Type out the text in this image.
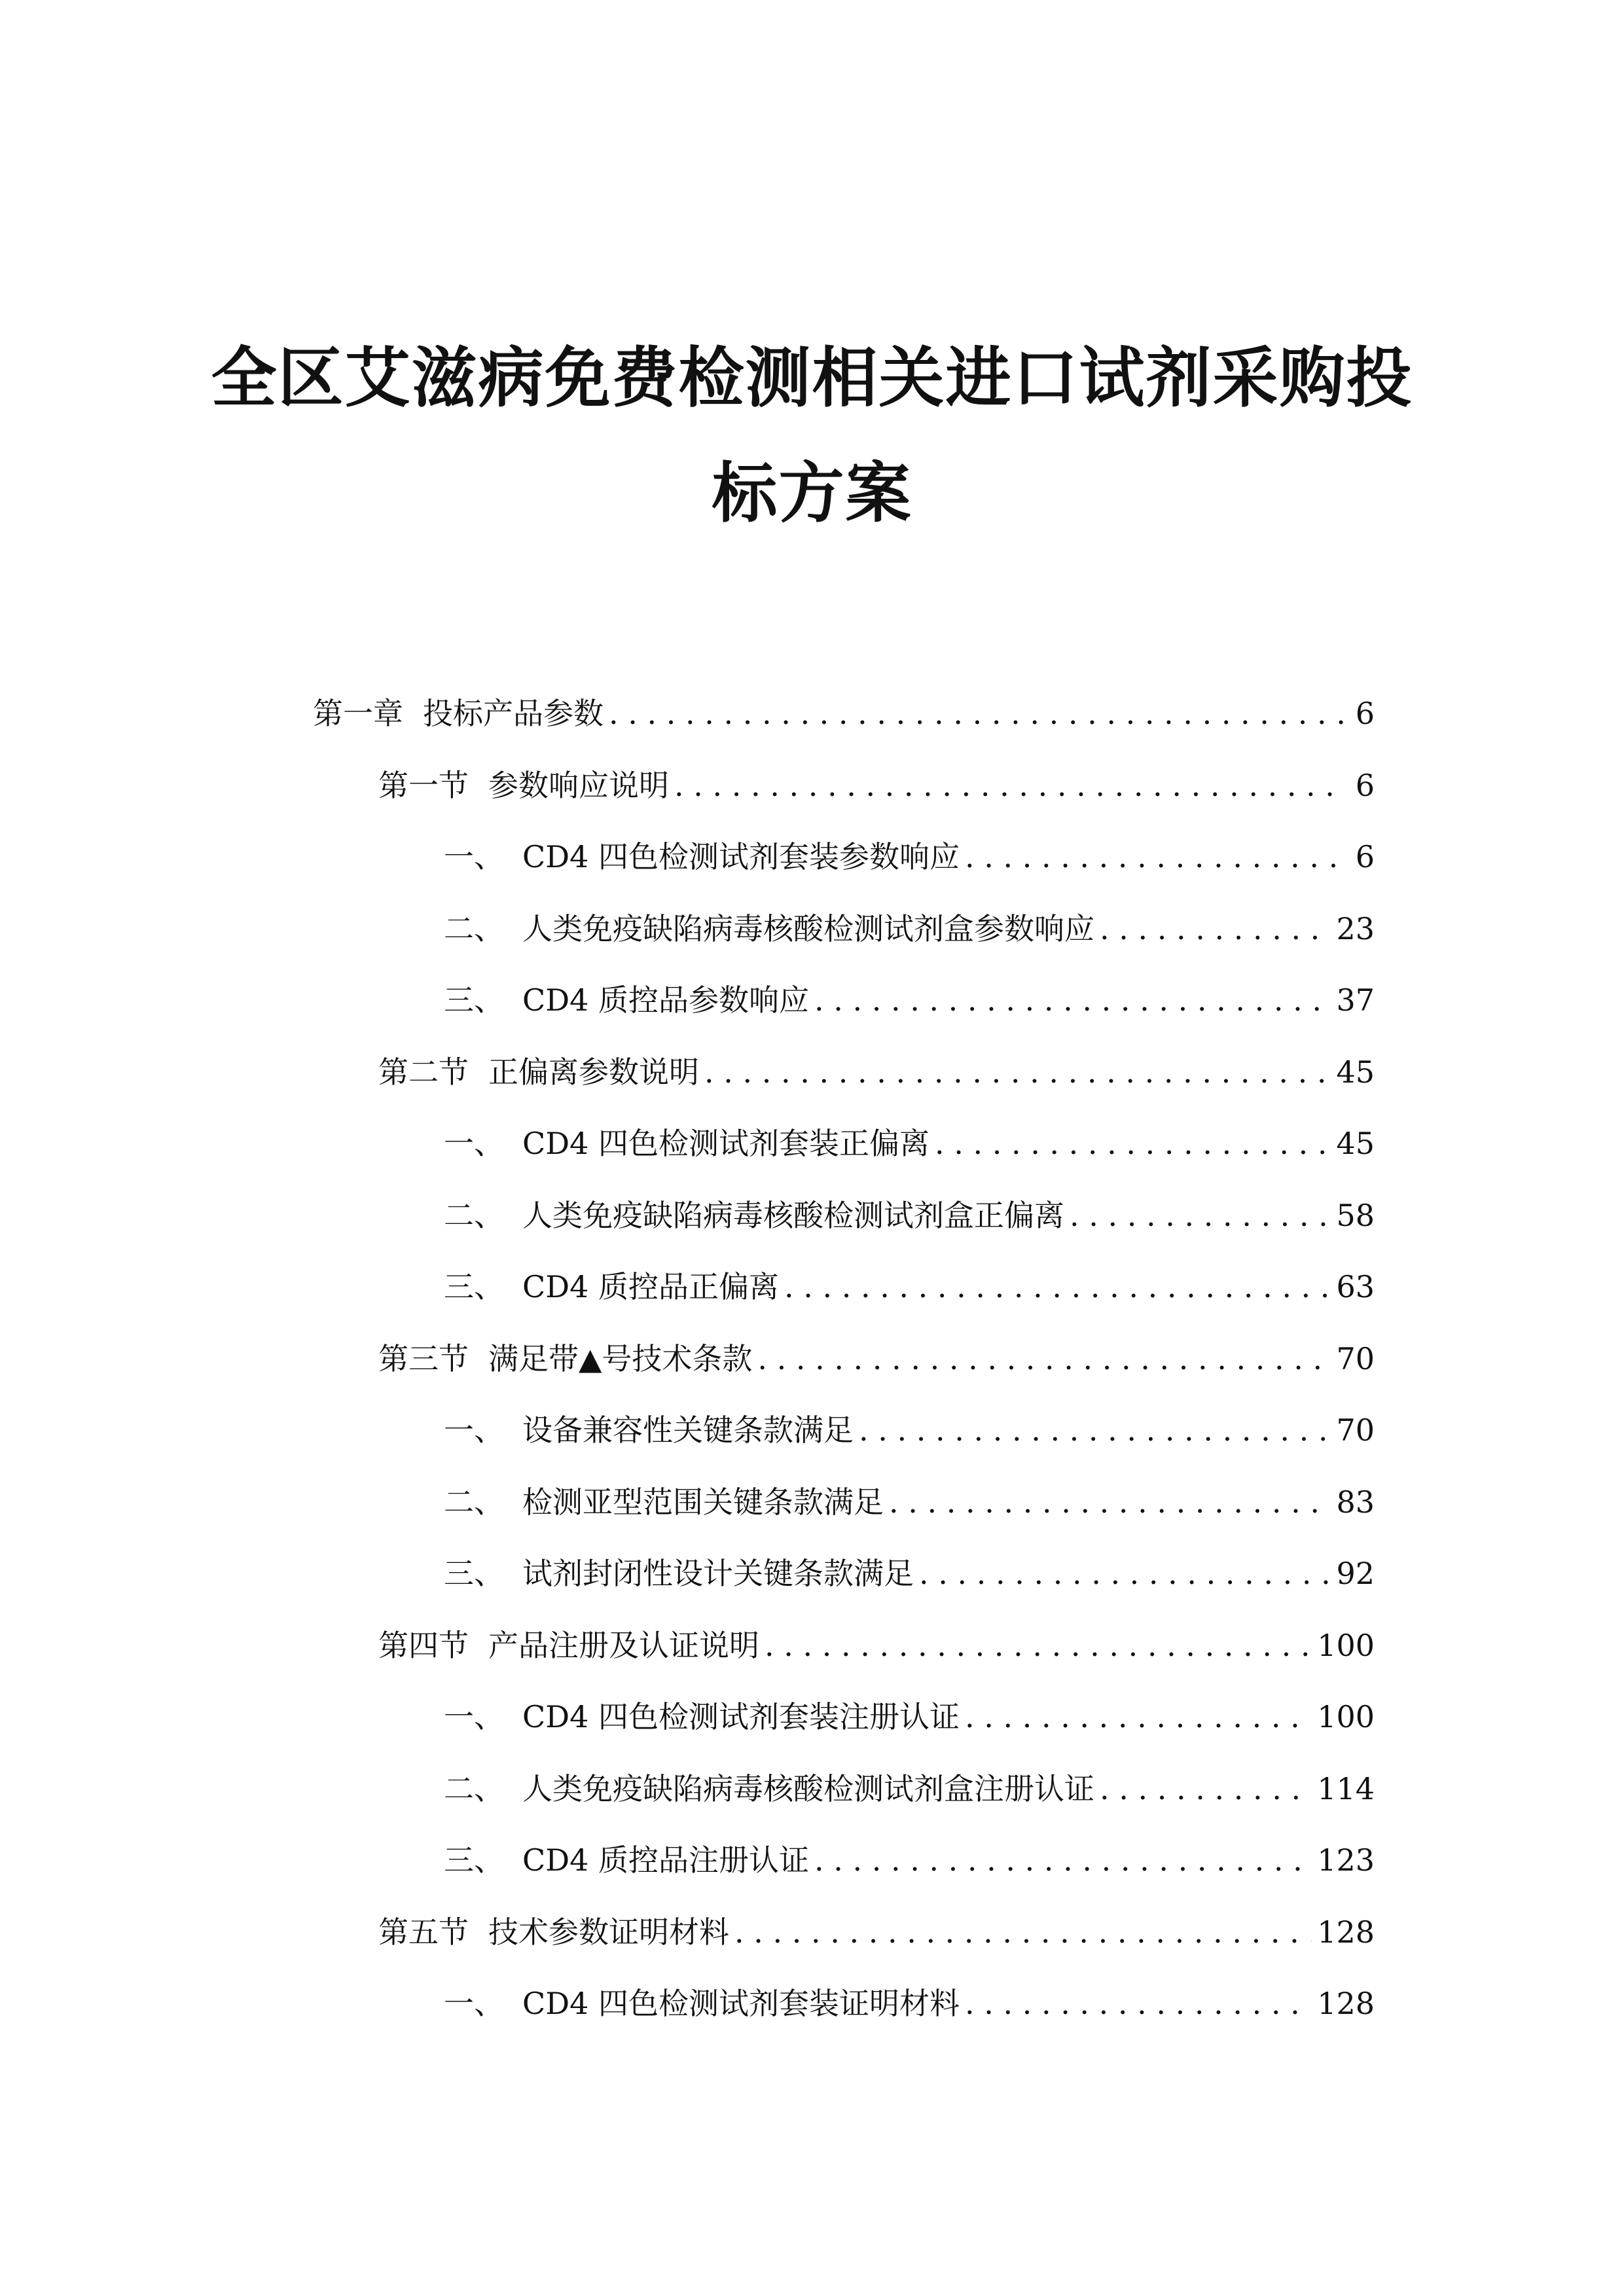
全区艾滋病免费检测相关进口试剂采购投
标方案
第一章 投标产品参数 . . .	6
第一节 参数响应说明 . . .	6
一、 CD4 四色检测试剂套装参数响应 . . .	6
二、 人类免疫缺陷病毒核酸检测试剂盒参数响应 . . .	23
三、 CD4 质控品参数响应 . . .	37
第二节 正偏离参数说明 . . .	45
一、 CD4 四色检测试剂套装正偏离 . . .	45
二、 人类免疫缺陷病毒核酸检测试剂盒正偏离 . . .	58
三、 CD4 质控品正偏离 . . .	63
第三节 满足带▲号技术条款 . . .	70
一、 设备兼容性关键条款满足 . . .	70
二、 检测亚型范围关键条款满足 . . .	83
三、 试剂封闭性设计关键条款满足 . . .	92
第四节 产品注册及认证说明 . . .	100
一、 CD4 四色检测试剂套装注册认证 . . .	100
二、 人类免疫缺陷病毒核酸检测试剂盒注册认证 . . .	114
三、 CD4 质控品注册认证 . . .	123
第五节 技术参数证明材料 . . .	128
一、 CD4 四色检测试剂套装证明材料 . . .	128
